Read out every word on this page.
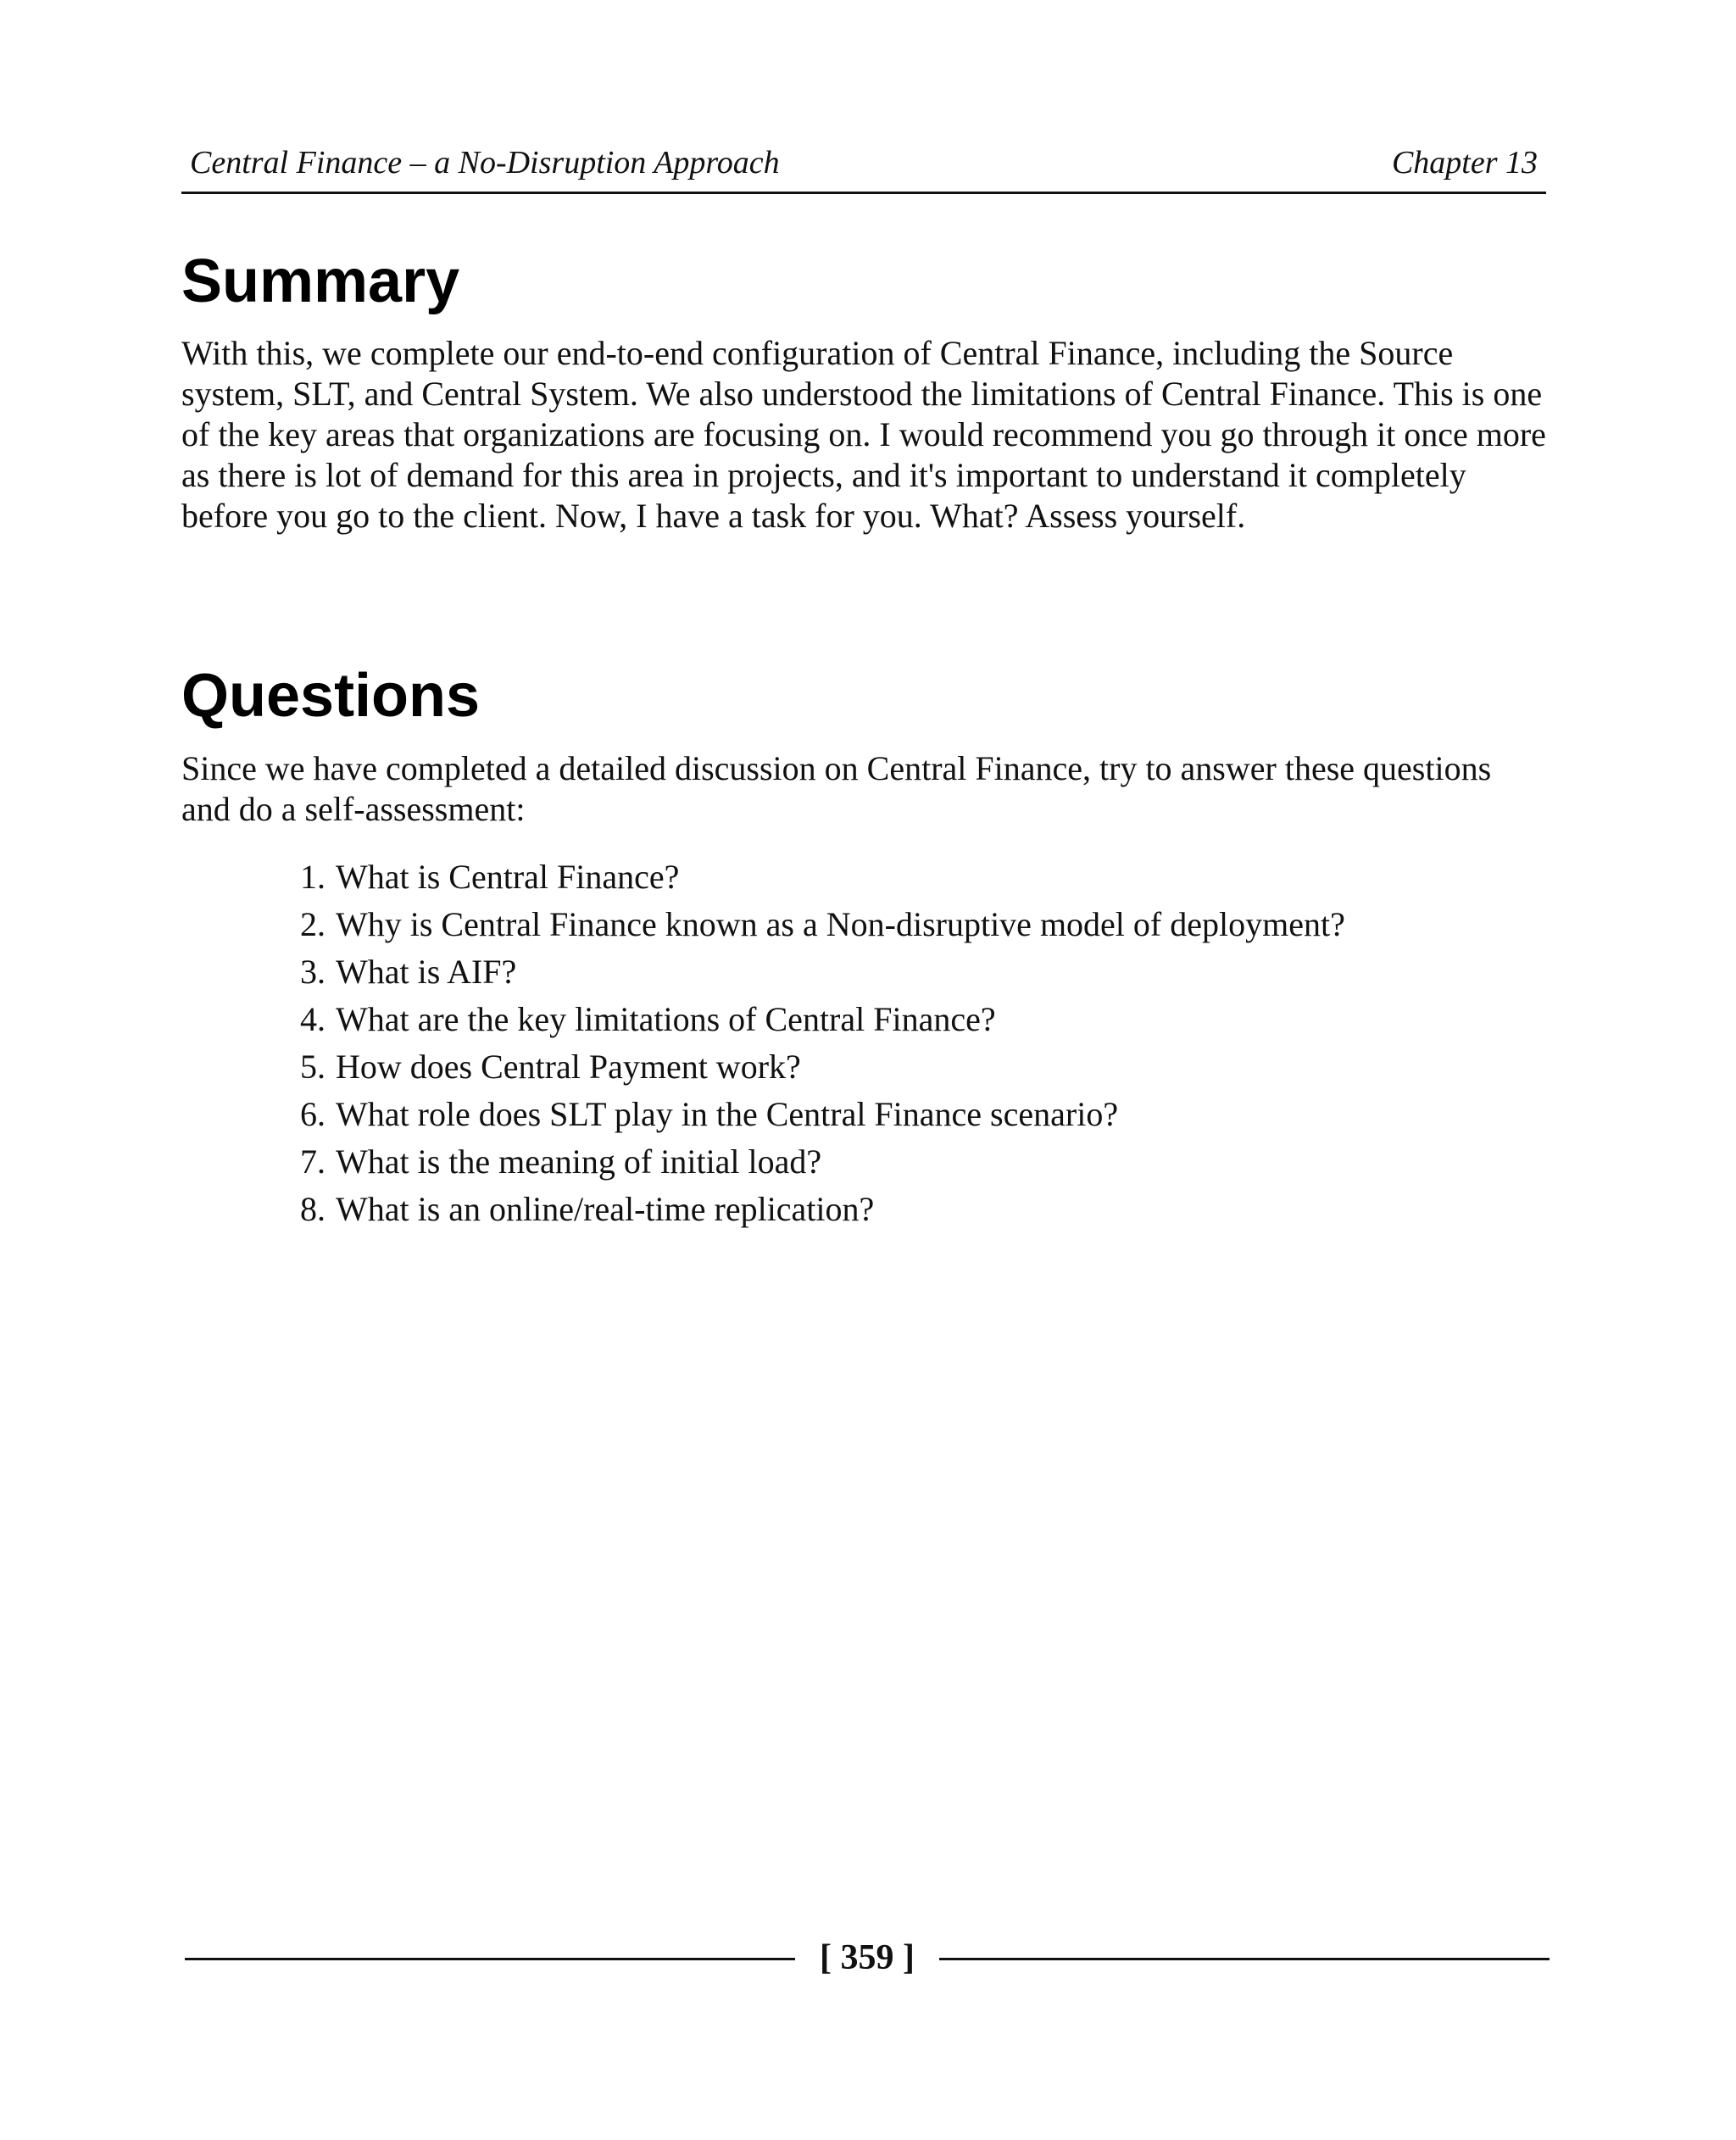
Central Finance – a No-Disruption Approach	Chapter 13
Summary

With this, we complete our end-to-end configuration of Central Finance, including the Source system, SLT, and Central System. We also understood the limitations of Central Finance. This is one of the key areas that organizations are focusing on. I would recommend you go through it once more as there is lot of demand for this area in projects, and it's important to understand it completely before you go to the client. Now, I have a task for you. What? Assess yourself.

Questions

Since we have completed a detailed discussion on Central Finance, try to answer these questions and do a self-assessment:

1. What is Central Finance?
2. Why is Central Finance known as a Non-disruptive model of deployment?
3. What is AIF?
4. What are the key limitations of Central Finance?
5. How does Central Payment work?
6. What role does SLT play in the Central Finance scenario?
7. What is the meaning of initial load?
8. What is an online/real-time replication?
[ 359 ]
